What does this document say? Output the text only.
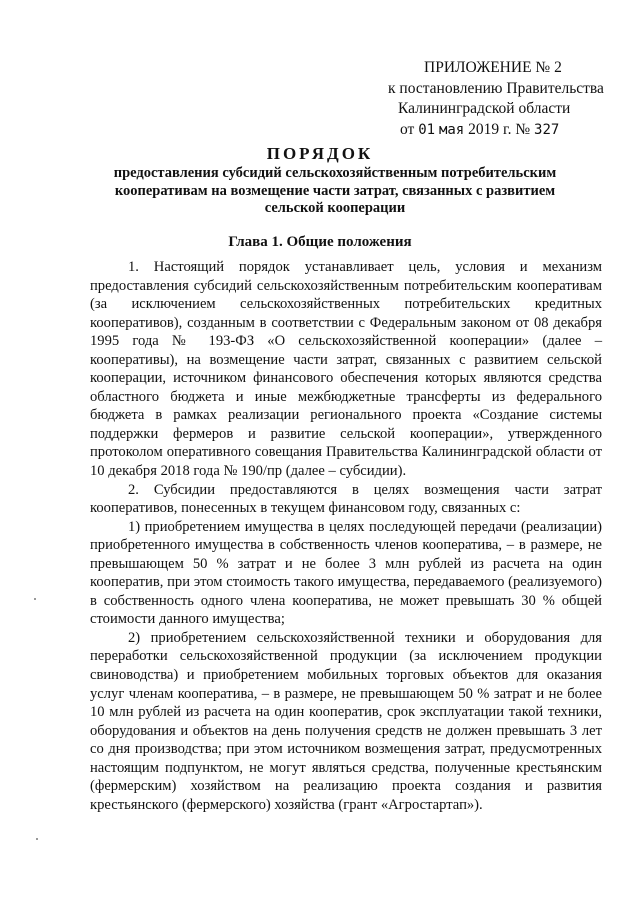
ПРИЛОЖЕНИЕ № 2
к постановлению Правительства
Калининградской области
от 01 мая 2019 г. № 327
ПОРЯДОК
предоставления субсидий сельскохозяйственным потребительским кооперативам на возмещение части затрат, связанных с развитием сельской кооперации
Глава 1. Общие положения

1. Настоящий порядок устанавливает цель, условия и механизм предоставления субсидий сельскохозяйственным потребительским кооперативам (за исключением сельскохозяйственных потребительских кредитных кооперативов), созданным в соответствии с Федеральным законом от 08 декабря 1995 года № 193-ФЗ «О сельскохозяйственной кооперации» (далее – кооперативы), на возмещение части затрат, связанных с развитием сельской кооперации, источником финансового обеспечения которых являются средства областного бюджета и иные межбюджетные трансферты из федерального бюджета в рамках реализации регионального проекта «Создание системы поддержки фермеров и развитие сельской кооперации», утвержденного протоколом оперативного совещания Правительства Калининградской области от 10 декабря 2018 года № 190/пр (далее – субсидии).

2. Субсидии предоставляются в целях возмещения части затрат кооперативов, понесенных в текущем финансовом году, связанных с:

1) приобретением имущества в целях последующей передачи (реализации) приобретенного имущества в собственность членов кооператива, – в размере, не превышающем 50 % затрат и не более 3 млн рублей из расчета на один кооператив, при этом стоимость такого имущества, передаваемого (реализуемого) в собственность одного члена кооператива, не может превышать 30 % общей стоимости данного имущества;

2) приобретением сельскохозяйственной техники и оборудования для переработки сельскохозяйственной продукции (за исключением продукции свиноводства) и приобретением мобильных торговых объектов для оказания услуг членам кооператива, – в размере, не превышающем 50 % затрат и не более 10 млн рублей из расчета на один кооператив, срок эксплуатации такой техники, оборудования и объектов на день получения средств не должен превышать 3 лет со дня производства; при этом источником возмещения затрат, предусмотренных настоящим подпунктом, не могут являться средства, полученные крестьянским (фермерским) хозяйством на реализацию проекта создания и развития крестьянского (фермерского) хозяйства (грант «Агростартап»).
